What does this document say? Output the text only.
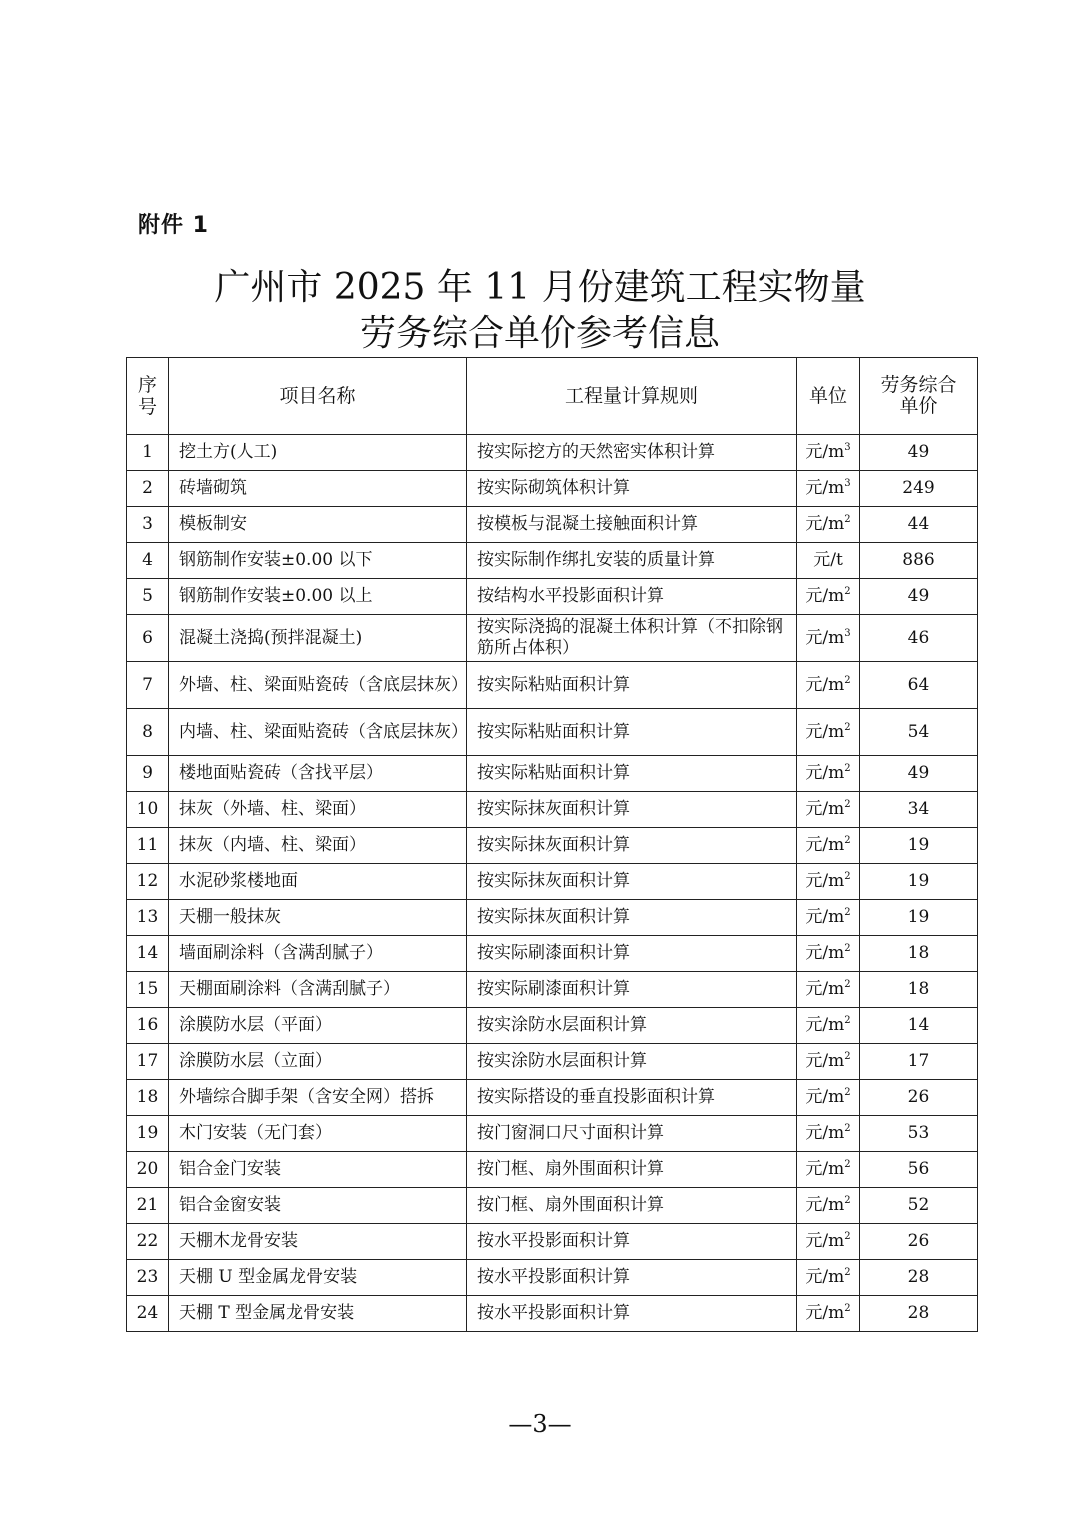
附件 1
广州市 2025 年 11 月份建筑工程实物量
劳务综合单价参考信息
序
号	项目名称	工程量计算规则	单位	劳务综合
单价
1	挖土方(人工)	按实际挖方的天然密实体积计算	元$/m^3$	49
2	砖墙砌筑	按实际砌筑体积计算	元$/m^3$	249
3	模板制安	按模板与混凝土接触面积计算	元$/m^2$	44
4	钢筋制作安装±0.00 以下	按实际制作绑扎安装的质量计算	元/t	886
5	钢筋制作安装±0.00 以上	按结构水平投影面积计算	元$/m^2$	49
6	混凝土浇捣(预拌混凝土)	按实际浇捣的混凝土体积计算（不扣除钢筋所占体积）	元$/m^3$	46
7	外墙、柱、梁面贴瓷砖（含底层抹灰）	按实际粘贴面积计算	元$/m^2$	64
8	内墙、柱、梁面贴瓷砖（含底层抹灰）	按实际粘贴面积计算	元$/m^2$	54
9	楼地面贴瓷砖（含找平层）	按实际粘贴面积计算	元$/m^2$	49
10	抹灰（外墙、柱、梁面）	按实际抹灰面积计算	元$/m^2$	34
11	抹灰（内墙、柱、梁面）	按实际抹灰面积计算	元$/m^2$	19
12	水泥砂浆楼地面	按实际抹灰面积计算	元$/m^2$	19
13	天棚一般抹灰	按实际抹灰面积计算	元$/m^2$	19
14	墙面刷涂料（含满刮腻子）	按实际刷漆面积计算	元$/m^2$	18
15	天棚面刷涂料（含满刮腻子）	按实际刷漆面积计算	元$/m^2$	18
16	涂膜防水层（平面）	按实涂防水层面积计算	元$/m^2$	14
17	涂膜防水层（立面）	按实涂防水层面积计算	元$/m^2$	17
18	外墙综合脚手架（含安全网）搭拆	按实际搭设的垂直投影面积计算	元$/m^2$	26
19	木门安装（无门套）	按门窗洞口尺寸面积计算	元$/m^2$	53
20	铝合金门安装	按门框、扇外围面积计算	元$/m^2$	56
21	铝合金窗安装	按门框、扇外围面积计算	元$/m^2$	52
22	天棚木龙骨安装	按水平投影面积计算	元$/m^2$	26
23	天棚 U 型金属龙骨安装	按水平投影面积计算	元$/m^2$	28
24	天棚 T 型金属龙骨安装	按水平投影面积计算	元$/m^2$	28
—3—
